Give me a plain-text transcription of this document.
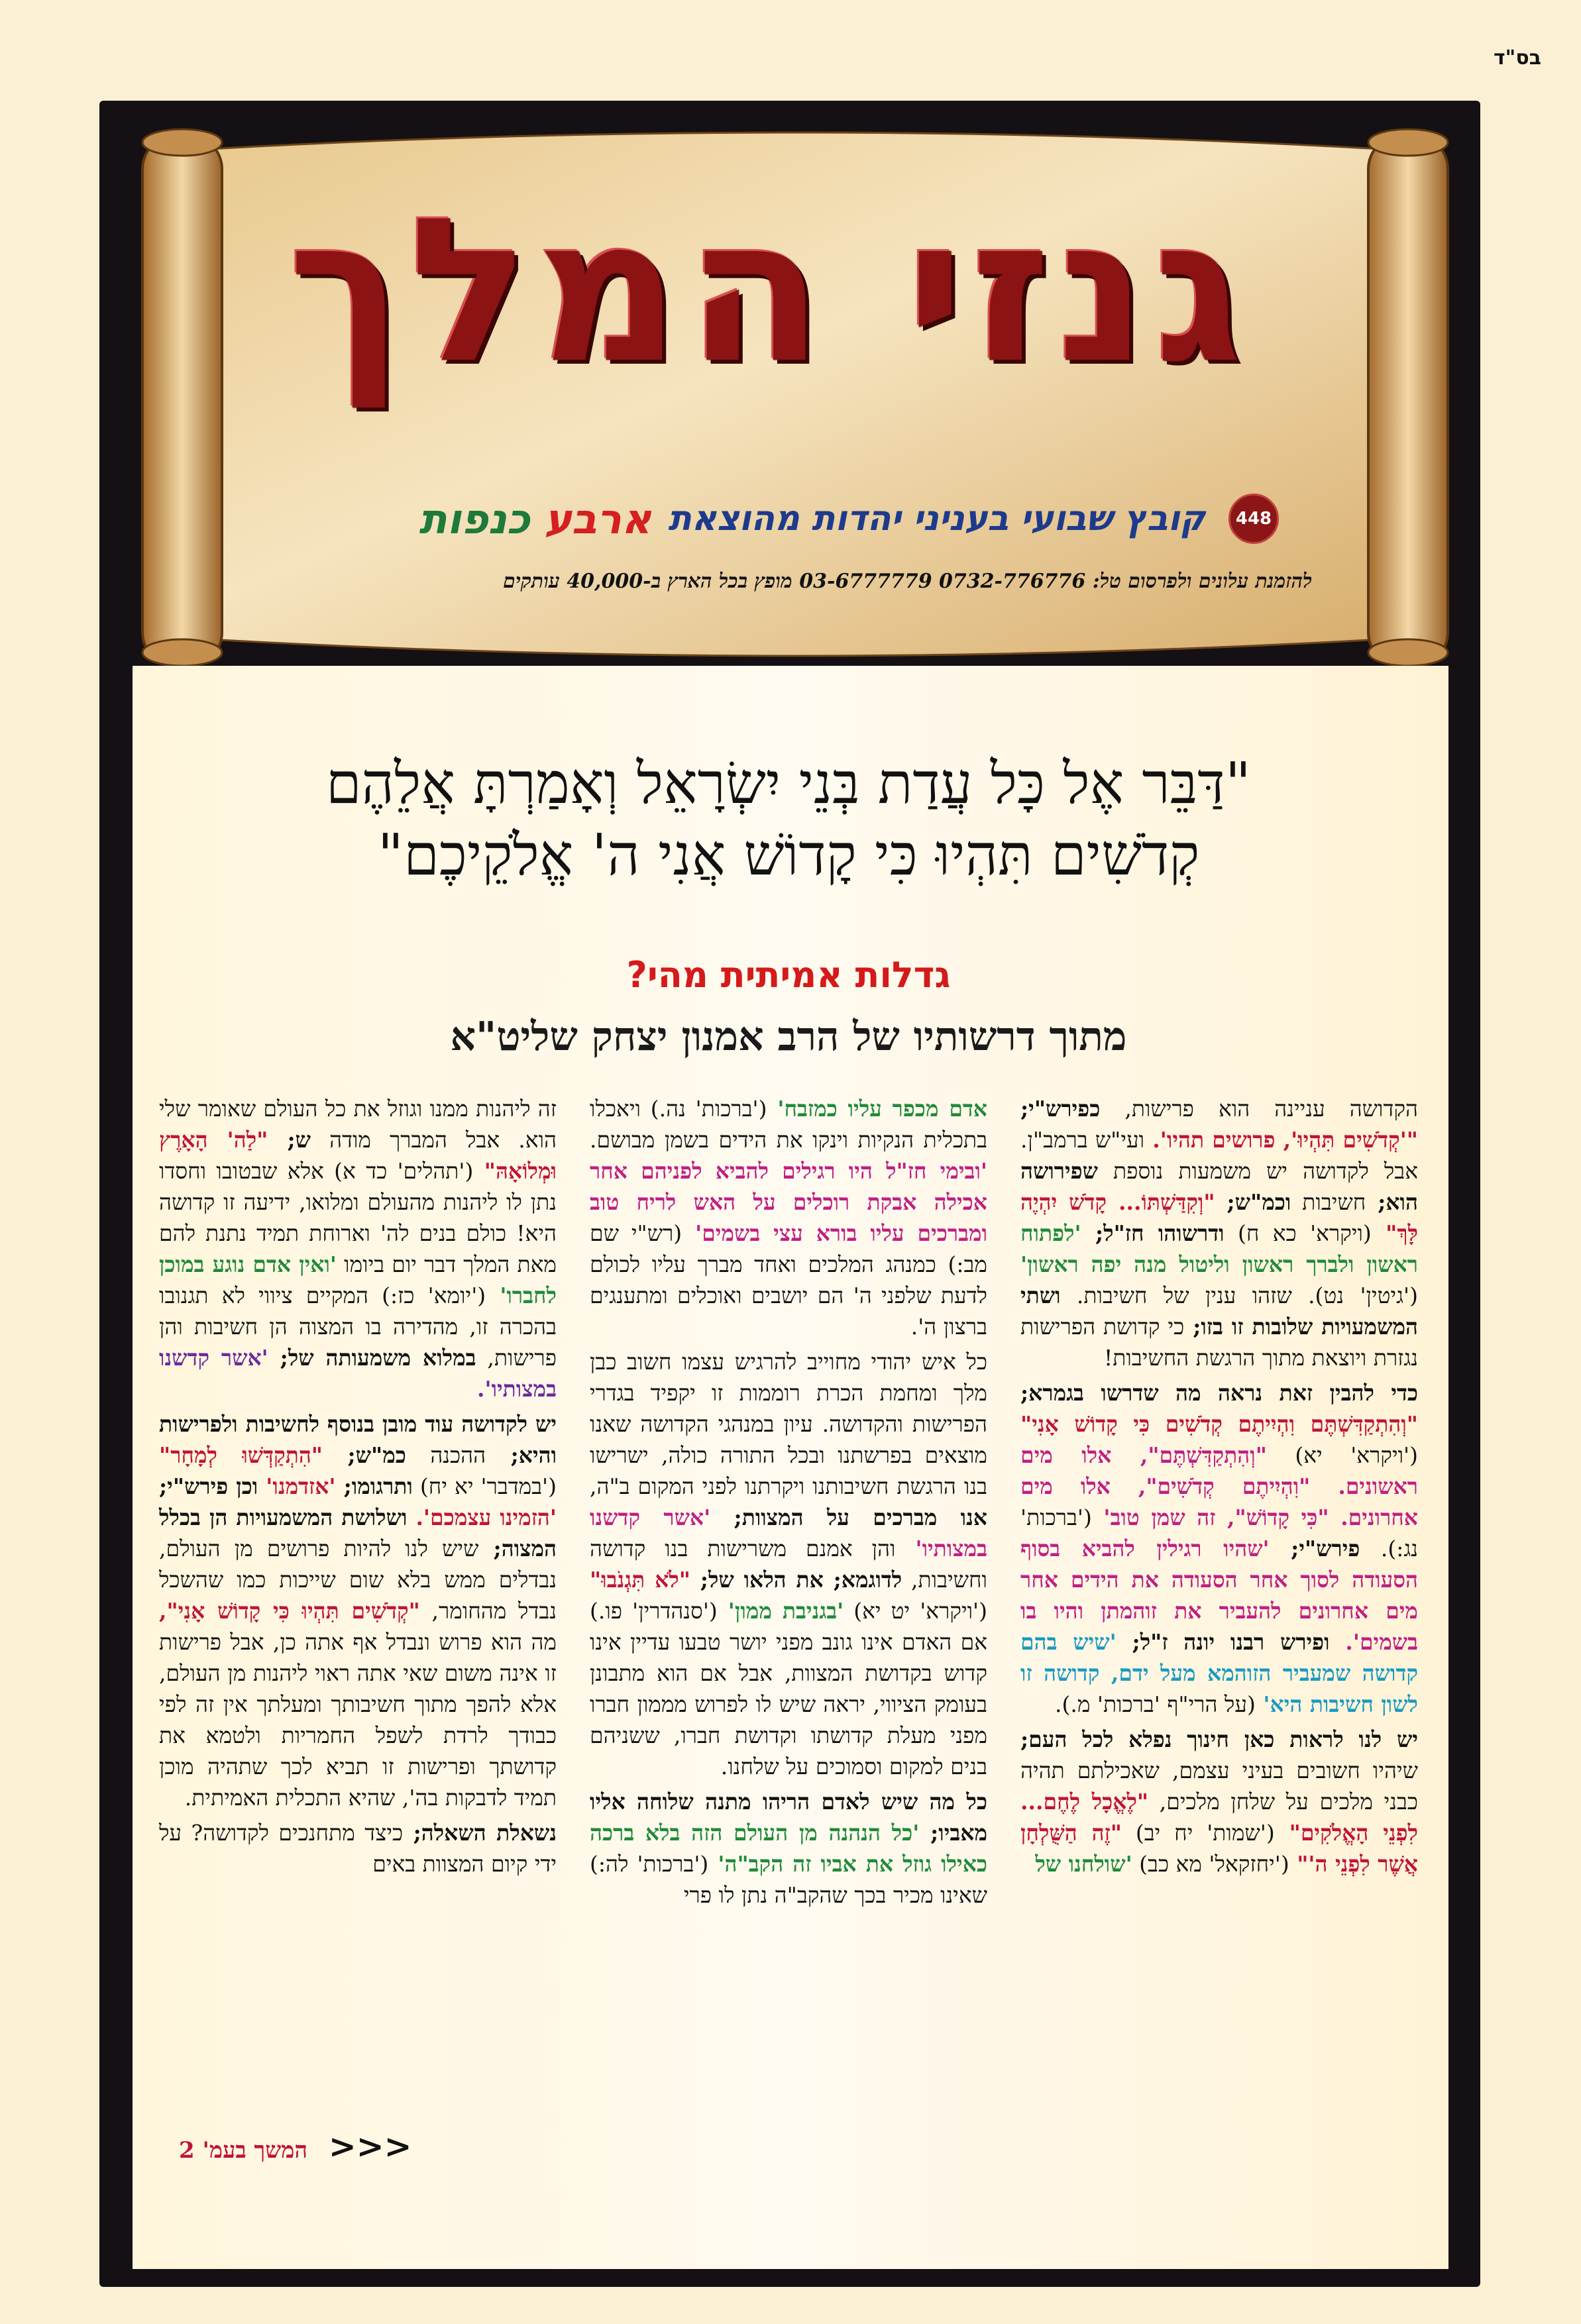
בס"ד
גנזי המלך
448 קובץ שבועי בעניני יהדות מהוצאת ארבע כנפות
להזמנת עלונים ולפרסום טל: 0732-776776 03-6777779 מופץ בכל הארץ ב-40,000 עותקים
"דַּבֵּר אֶל כָּל עֲדַת בְּנֵי יִשְׂרָאֵל וְאָמַרְתָּ אֲלֵהֶם
קְדֹשִׁים תִּהְיוּ כִּי קָדוֹשׁ אֲנִי ה' אֱלֹקֵיכֶם"
גדלות אמיתית מהי?
מתוך דרשותיו של הרב אמנון יצחק שליט"א

הקדושה עניינה הוא פרישות, כפירש"י; "'קְדֹשִׁים תִּהְיוּ', פרושים תהיו'. ועי"ש ברמב"ן. אבל לקדושה יש משמעות נוספת שפירושה הוא; חשיבות וכמ"ש; "וְקִדַּשְׁתּוֹ... קָדֹשׁ יִהְיֶה לָּךְ" (ויקרא' כא ח) ודרשוהו חז"ל; 'לפתוח ראשון ולברך ראשון וליטול מנה יפה ראשון' ('גיטין' נט). שזהו ענין של חשיבות. ושתי המשמעויות שלובות זו בזו; כי קדושת הפרישות נגזרת ויוצאת מתוך הרגשת החשיבות!

כדי להבין זאת נראה מה שדרשו בגמרא; "וְהִתְקַדִּשְׁתֶּם וִהְיִיתֶם קְדֹשִׁים כִּי קָדוֹשׁ אָנִי" ('ויקרא' יא) "וְהִתְקַדִּשְׁתֶּם", אלו מים ראשונים. "וִהְיִיתֶם קְדֹשִׁים", אלו מים אחרונים. "כִּי קָדוֹשׁ", זה שמן טוב' ('ברכות' נג:). פירש"י; 'שהיו רגילין להביא בסוף הסעודה לסוך אחר הסעודה את הידים אחר מים אחרונים להעביר את זוהמתן והיו בו בשמים'. ופירש רבנו יונה ז"ל; 'שיש בהם קדושה שמעביר הזוהמא מעל ידם, קדושה זו לשון חשיבות היא' (על הרי"ף 'ברכות' מ.).

יש לנו לראות כאן חינוך נפלא לכל העם; שיהיו חשובים בעיני עצמם, שאכילתם תהיה כבני מלכים על שלחן מלכים, "לֶאֱכָל לֶחֶם... לִפְנֵי הָאֱלֹקִים" ('שמות' יח יב) "זֶה הַשֻּׁלְחָן אֲשֶׁר לִפְנֵי ה'" ('יחזקאל' מא כב) 'שולחנו של

אדם מכפר עליו כמזבח' ('ברכות' נה.) ויאכלו בתכלית הנקיות וינקו את הידים בשמן מבושם. 'ובימי חז"ל היו רגילים להביא לפניהם אחר אכילה אבקת רוכלים על האש לריח טוב ומברכים עליו בורא עצי בשמים' (רש"י שם מב:) כמנהג המלכים ואחד מברך עליו לכולם לדעת שלפני ה' הם יושבים ואוכלים ומתענגים ברצון ה'.

כל איש יהודי מחוייב להרגיש עצמו חשוב כבן מלך ומחמת הכרת רוממות זו יקפיד בגדרי הפרישות והקדושה. עיון במנהגי הקדושה שאנו מוצאים בפרשתנו ובכל התורה כולה, ישרישו בנו הרגשת חשיבותנו ויקרתנו לפני המקום ב"ה, אנו מברכים על המצוות; 'אשר קדשנו במצותיו' והן אמנם משרישות בנו קדושה וחשיבות, לדוגמא; את הלאו של; "לֹא תִּגְנֹבוּ" ('ויקרא' יט יא) 'בגניבת ממון' ('סנהדרין' פו.) אם האדם אינו גונב מפני יושר טבעו עדיין אינו קדוש בקדושת המצוות, אבל אם הוא מתבונן בעומק הציווי, יראה שיש לו לפרוש מממון חברו מפני מעלת קדושתו וקדושת חברו, ששניהם בנים למקום וסמוכים על שלחנו.

כל מה שיש לאדם הריהו מתנה שלוחה אליו מאביו; 'כל הנהנה מן העולם הזה בלא ברכה כאילו גוזל את אביו זה הקב"ה' ('ברכות' לה:) שאינו מכיר בכך שהקב"ה נתן לו פרי

זה ליהנות ממנו וגוזל את כל העולם שאומר שלי הוא. אבל המברך מודה ש; "לַה' הָאָרֶץ וּמְלוֹאָהּ" ('תהלים' כד א) אלא שבטובו וחסדו נתן לו ליהנות מהעולם ומלואו, ידיעה זו קדושה היא! כולם בנים לה' וארוחת תמיד נתנת להם מאת המלך דבר יום ביומו 'ואין אדם נוגע במוכן לחברו' ('יומא' כז:) המקיים ציווי לא תגנובו בהכרה זו, מהדירה בו המצוה הן חשיבות והן פרישות, במלוא משמעותה של; 'אשר קדשנו במצותיו'.

יש לקדושה עוד מובן בנוסף לחשיבות ולפרישות והיא; ההכנה כמ"ש; "הִתְקַדְּשׁוּ לְמָחָר" ('במדבר' יא יח) ותרגומו; 'אזדמנו' וכן פירש"י; 'הזמינו עצמכם'. ושלושת המשמעויות הן בכלל המצוה; שיש לנו להיות פרושים מן העולם, נבדלים ממש בלא שום שייכות כמו שהשכל נבדל מהחומר, "קְדֹשִׁים תִּהְיוּ כִּי קָדוֹשׁ אָנִי", מה הוא פרוש ונבדל אף אתה כן, אבל פרישות זו אינה משום שאי אתה ראוי ליהנות מן העולם, אלא להפך מתוך חשיבותך ומעלתך אין זה לפי כבודך לרדת לשפל החמריות ולטמא את קדושתך ופרישות זו תביא לכך שתהיה מוכן תמיד לדבקות בה', שהיא התכלית האמיתית.

נשאלת השאלה; כיצד מתחנכים לקדושה? על ידי קיום המצוות באים

<<< המשך בעמ' 2
